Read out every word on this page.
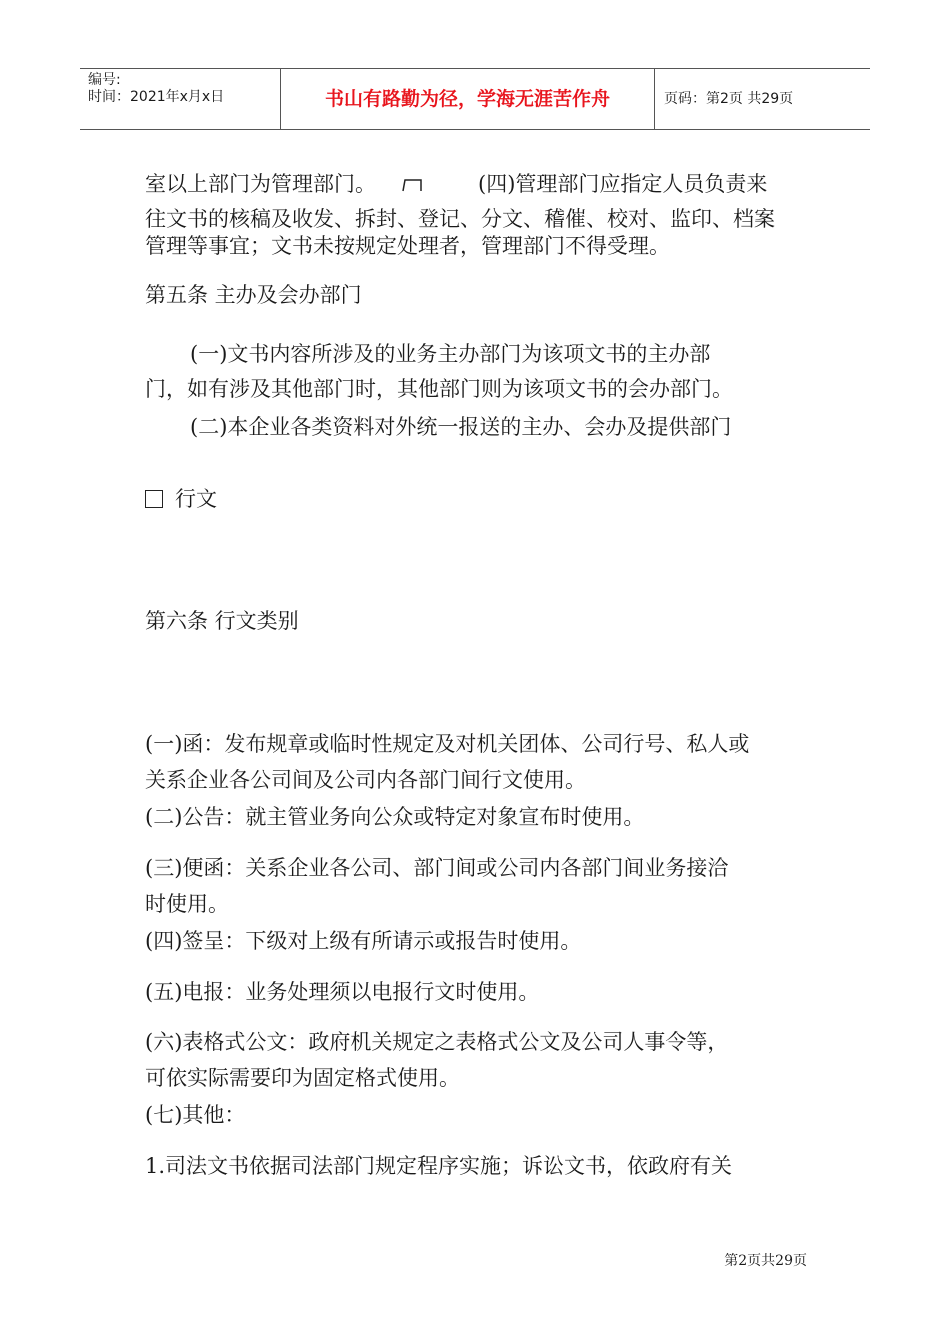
编号:
时间：2021年x月x日	书山有路勤为径，学海无涯苦作舟	页码：第2页 共29页
室以上部门为管理部门。	(四)管理部门应指定人员负责来
往文书的核稿及收发、拆封、登记、分文、稽催、校对、监印、档案
管理等事宜；文书未按规定处理者，管理部门不得受理。
第五条 主办及会办部门
(一)文书内容所涉及的业务主办部门为该项文书的主办部
门，如有涉及其他部门时，其他部门则为该项文书的会办部门。
(二)本企业各类资料对外统一报送的主办、会办及提供部门
行文
第六条 行文类别
(一)函：发布规章或临时性规定及对机关团体、公司行号、私人或
关系企业各公司间及公司内各部门间行文使用。
(二)公告：就主管业务向公众或特定对象宣布时使用。
(三)便函：关系企业各公司、部门间或公司内各部门间业务接洽
时使用。
(四)签呈：下级对上级有所请示或报告时使用。
(五)电报：业务处理须以电报行文时使用。
(六)表格式公文：政府机关规定之表格式公文及公司人事令等，
可依实际需要印为固定格式使用。
(七)其他：
1.司法文书依据司法部门规定程序实施；诉讼文书，依政府有关
第2页共29页
